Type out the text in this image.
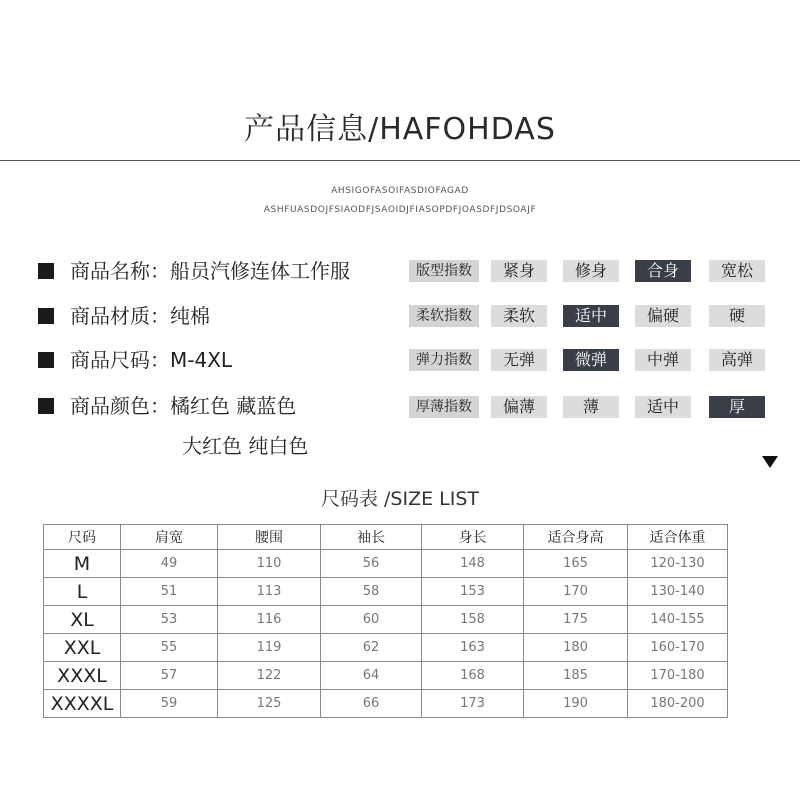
产品信息/HAFOHDAS
AHSIGOFASOIFASDIOFAGAD
ASHFUASDOJFSIAODFJSAOIDJFIASOPDFJOASDFJDSOAJF
商品名称：船员汽修连体工作服
商品材质：纯棉
商品尺码：M-4XL
商品颜色：橘红色 藏蓝色
大红色 纯白色
版型指数	紧身	修身	合身	宽松
柔软指数	柔软	适中	偏硬	硬
弹力指数	无弹	微弹	中弹	高弹
厚薄指数	偏薄	薄	适中	厚
尺码表 /SIZE LIST
尺码	肩宽	腰围	袖长	身长	适合身高	适合体重
M	49	110	56	148	165	120-130
L	51	113	58	153	170	130-140
XL	53	116	60	158	175	140-155
XXL	55	119	62	163	180	160-170
XXXL	57	122	64	168	185	170-180
XXXXL	59	125	66	173	190	180-200
